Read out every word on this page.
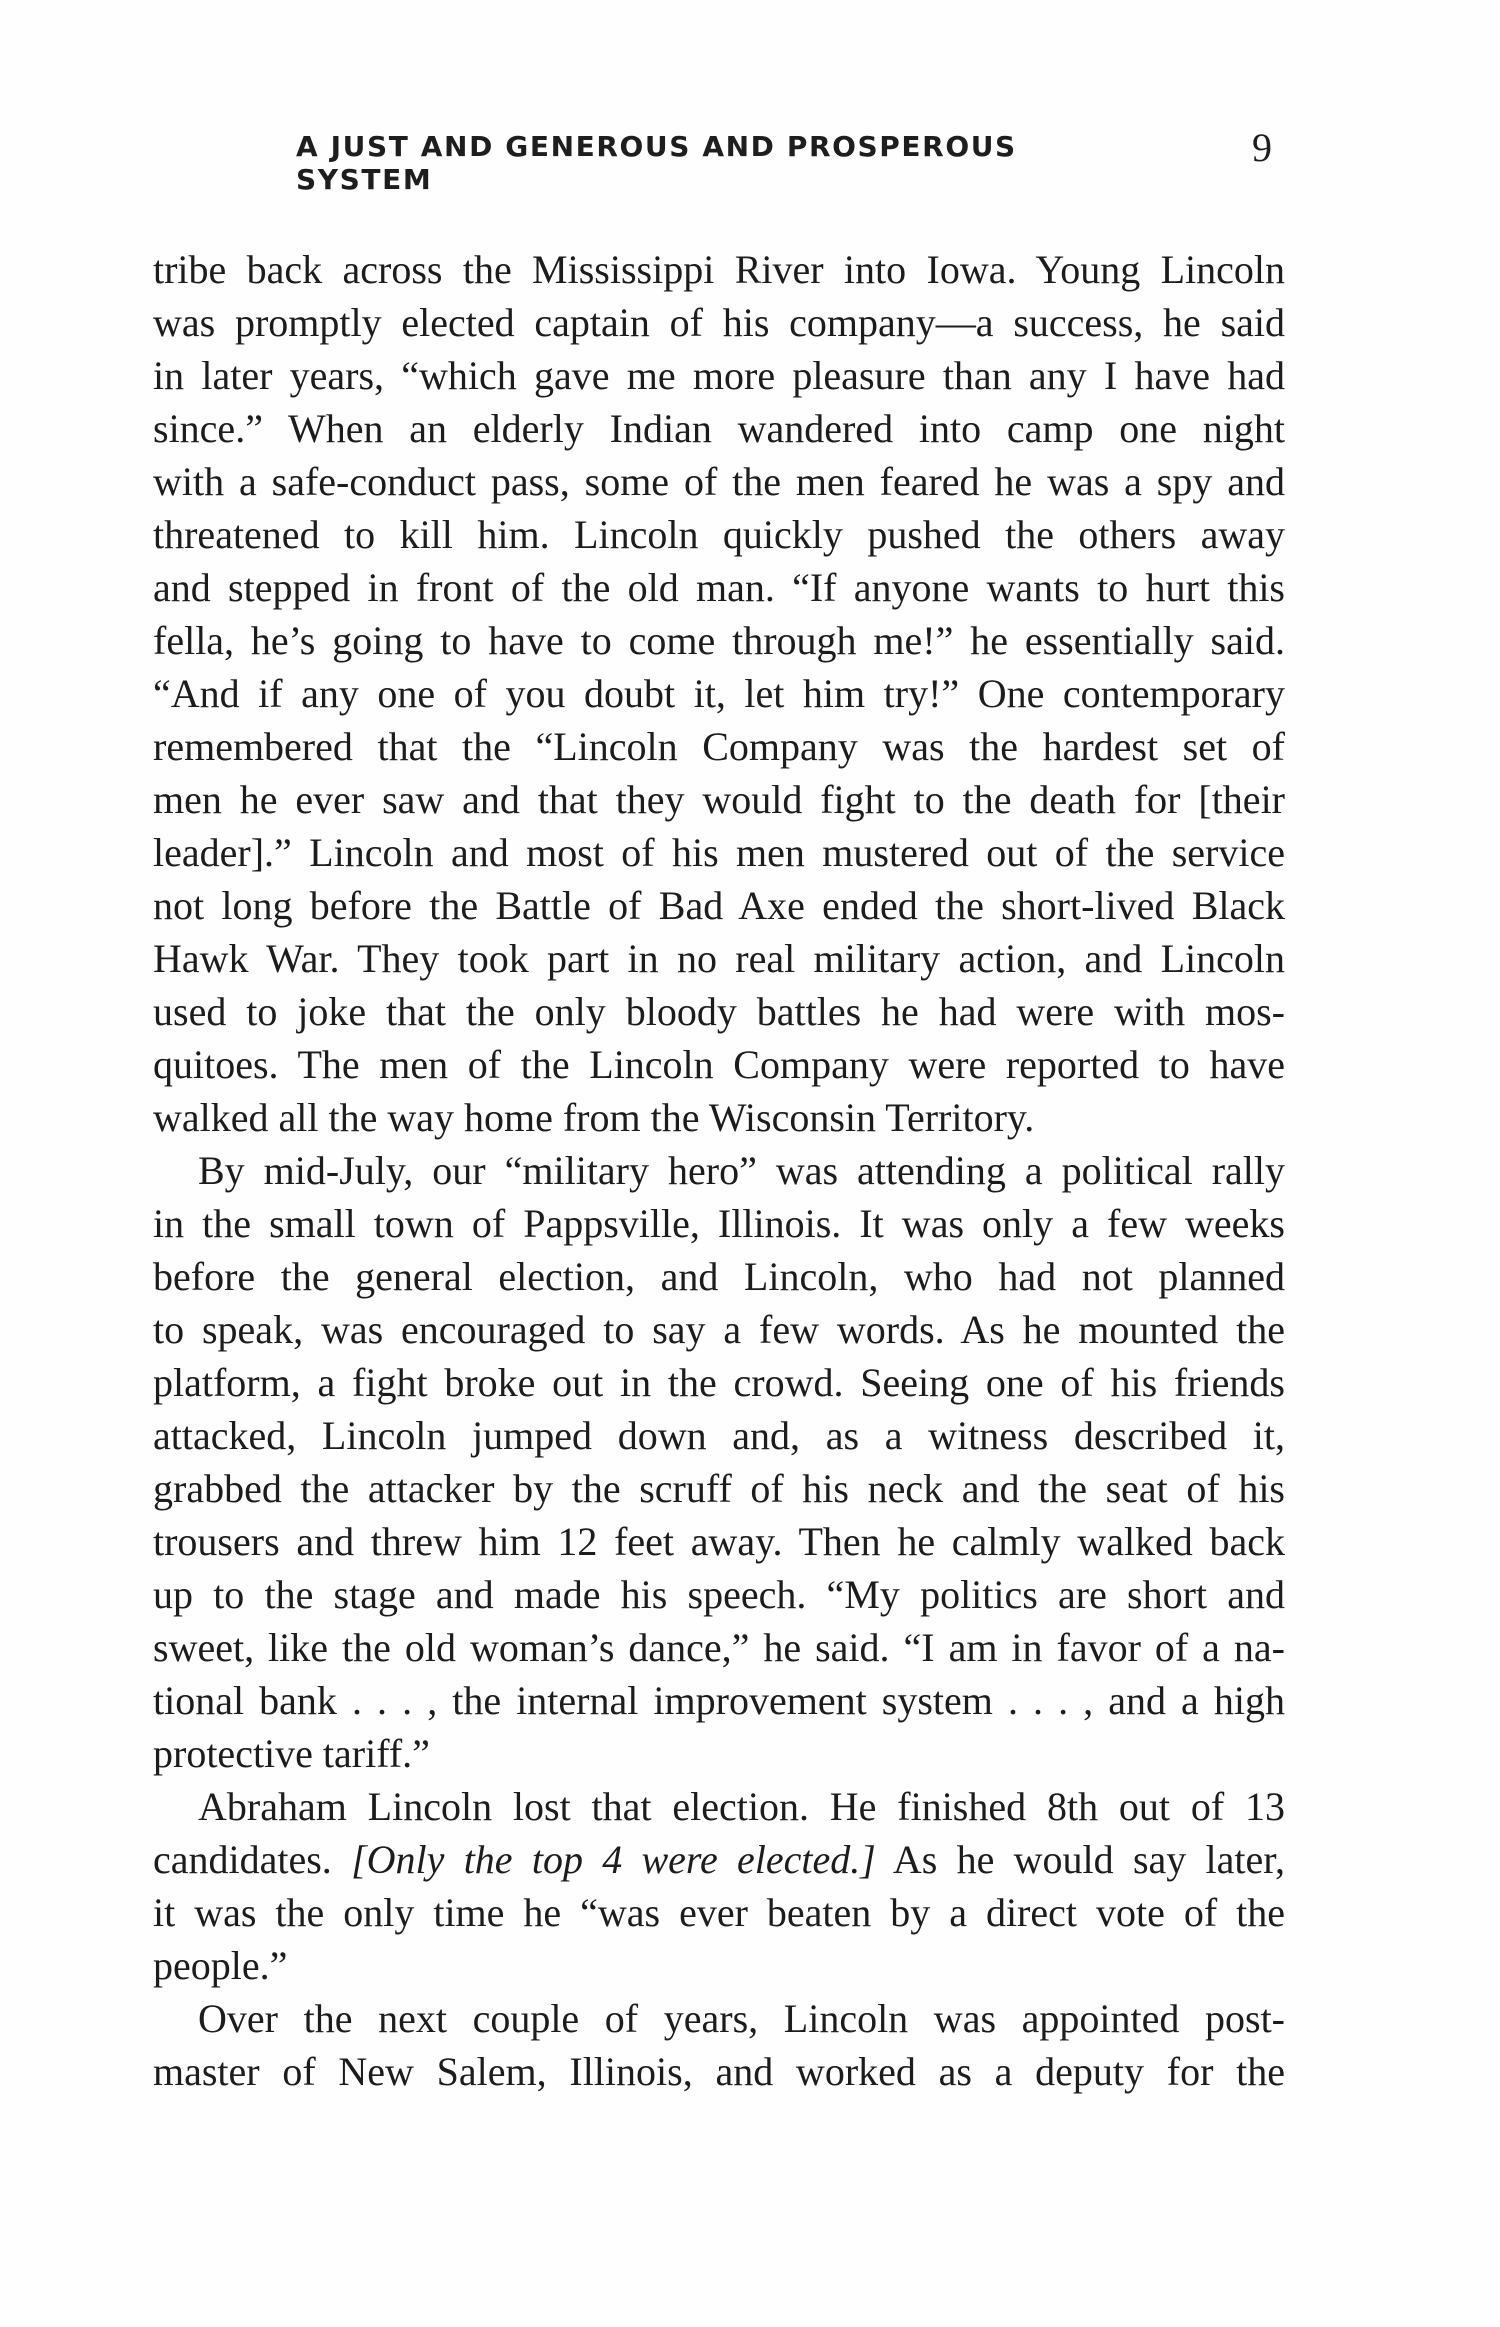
A JUST AND GENEROUS AND PROSPEROUS SYSTEM
9
tribe back across the Mississippi River into Iowa. Young Lincoln
was promptly elected captain of his company—a success, he said
in later years, “which gave me more pleasure than any I have had
since.” When an elderly Indian wandered into camp one night
with a safe-conduct pass, some of the men feared he was a spy and
threatened to kill him. Lincoln quickly pushed the others away
and stepped in front of the old man. “If anyone wants to hurt this
fella, he’s going to have to come through me!” he essentially said.
“And if any one of you doubt it, let him try!” One contemporary
remembered that the “Lincoln Company was the hardest set of
men he ever saw and that they would fight to the death for [their
leader].” Lincoln and most of his men mustered out of the service
not long before the Battle of Bad Axe ended the short-lived Black
Hawk War. They took part in no real military action, and Lincoln
used to joke that the only bloody battles he had were with mos-
quitoes. The men of the Lincoln Company were reported to have
walked all the way home from the Wisconsin Territory.
By mid-July, our “military hero” was attending a political rally
in the small town of Pappsville, Illinois. It was only a few weeks
before the general election, and Lincoln, who had not planned
to speak, was encouraged to say a few words. As he mounted the
platform, a fight broke out in the crowd. Seeing one of his friends
attacked, Lincoln jumped down and, as a witness described it,
grabbed the attacker by the scruff of his neck and the seat of his
trousers and threw him 12 feet away. Then he calmly walked back
up to the stage and made his speech. “My politics are short and
sweet, like the old woman’s dance,” he said. “I am in favor of a na-
tional bank . . . , the internal improvement system . . . , and a high
protective tariff.”
Abraham Lincoln lost that election. He finished 8th out of 13
candidates. [Only the top 4 were elected.] As he would say later,
it was the only time he “was ever beaten by a direct vote of the
people.”
Over the next couple of years, Lincoln was appointed post-
master of New Salem, Illinois, and worked as a deputy for the
